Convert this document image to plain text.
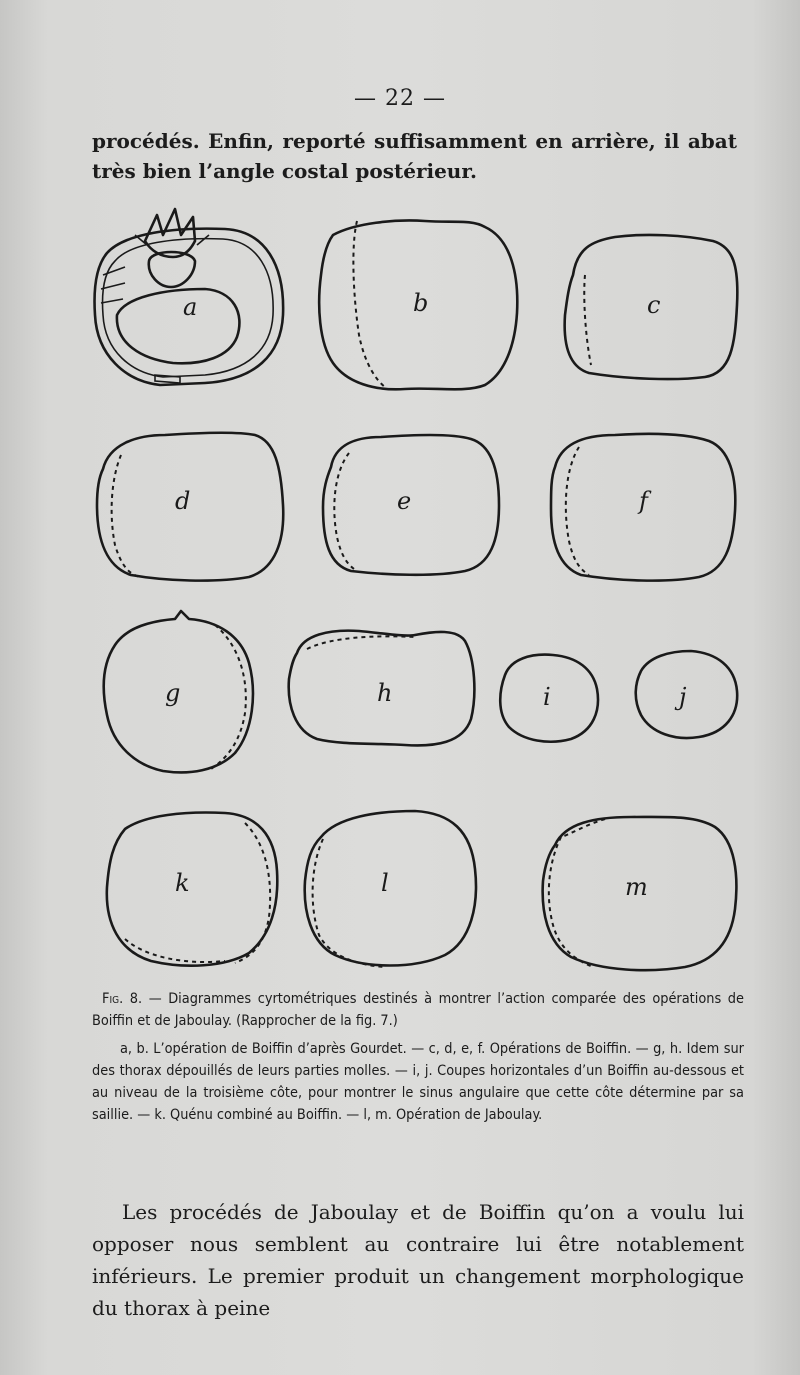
— 22 —
procédés. Enfin, reporté suffisamment en arrière, il abat très bien l’angle costal postérieur.
a	b	c
d	e	f
g	h	i	j
k	l	m
Fig. 8. — Diagrammes cyrtométriques destinés à montrer l’action comparée des opérations de Boiffin et de Jaboulay. (Rapprocher de la fig. 7.)
a, b. L’opération de Boiffin d’après Gourdet. — c, d, e, f. Opérations de Boiffin. — g, h. Idem sur des thorax dépouillés de leurs parties molles. — i, j. Coupes horizontales d’un Boiffin au-dessous et au niveau de la troisième côte, pour montrer le sinus angulaire que cette côte détermine par sa saillie. — k. Quénu combiné au Boiffin. — l, m. Opération de Jaboulay.
Les procédés de Jaboulay et de Boiffin qu’on a voulu lui opposer nous semblent au contraire lui être notablement inférieurs. Le premier produit un changement morphologique du thorax à peine
